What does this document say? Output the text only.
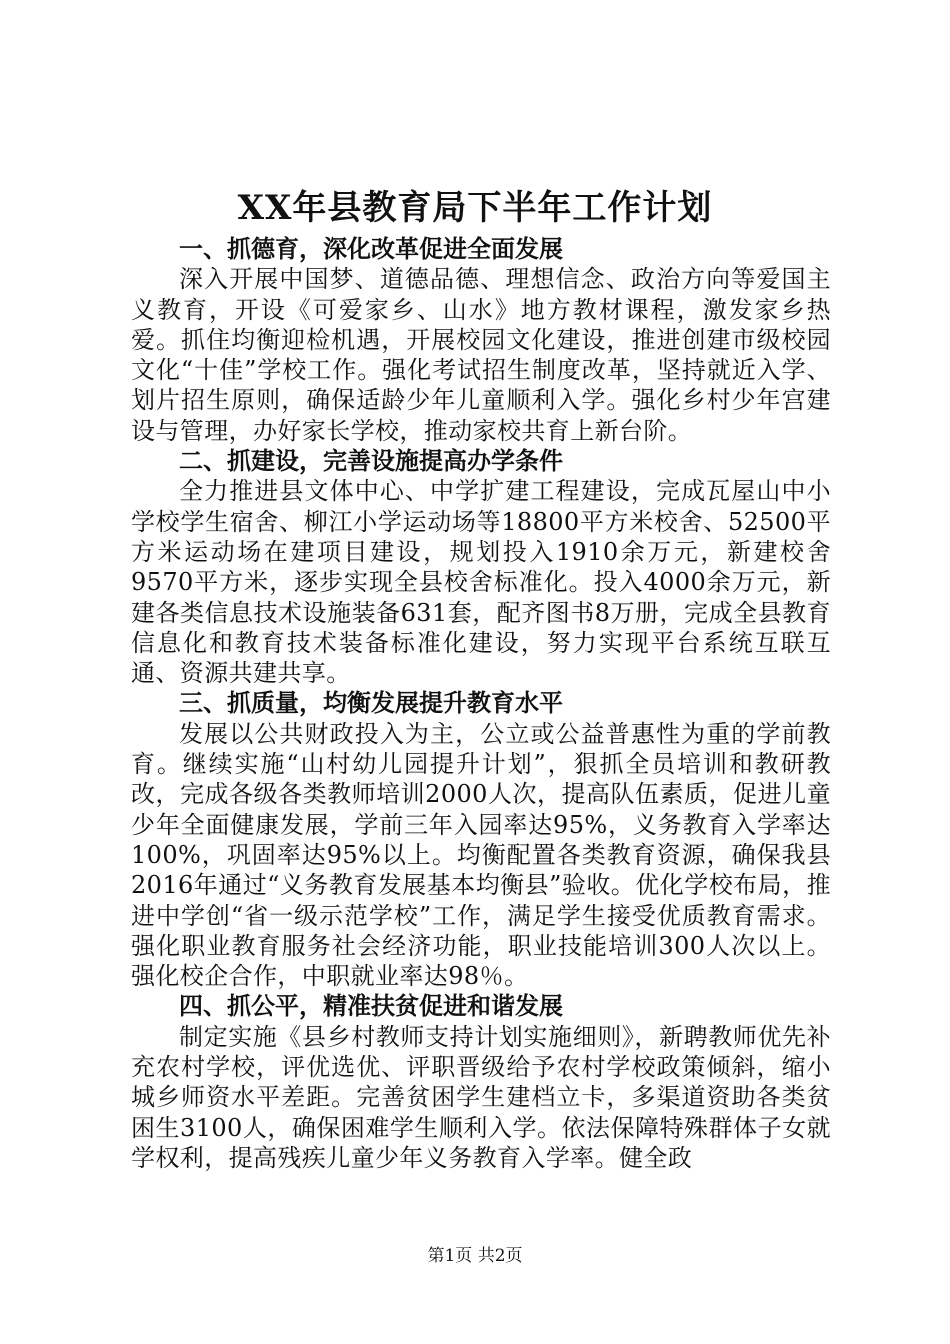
XX年县教育局下半年工作计划

一、抓德育，深化改革促进全面发展

深入开展中国梦、道德品德、理想信念、政治方向等爱国主义教育，开设《可爱家乡、山水》地方教材课程，激发家乡热爱。抓住均衡迎检机遇，开展校园文化建设，推进创建市级校园文化“十佳”学校工作。强化考试招生制度改革，坚持就近入学、划片招生原则，确保适龄少年儿童顺利入学。强化乡村少年宫建设与管理，办好家长学校，推动家校共育上新台阶。

二、抓建设，完善设施提高办学条件

全力推进县文体中心、中学扩建工程建设，完成瓦屋山中小学校学生宿舍、柳江小学运动场等18800平方米校舍、52500平方米运动场在建项目建设，规划投入1910余万元，新建校舍9570平方米，逐步实现全县校舍标准化。投入4000余万元，新建各类信息技术设施装备631套，配齐图书8万册，完成全县教育信息化和教育技术装备标准化建设，努力实现平台系统互联互通、资源共建共享。

三、抓质量，均衡发展提升教育水平

发展以公共财政投入为主，公立或公益普惠性为重的学前教育。继续实施“山村幼儿园提升计划”，狠抓全员培训和教研教改，完成各级各类教师培训2000人次，提高队伍素质，促进儿童少年全面健康发展，学前三年入园率达95%，义务教育入学率达100%，巩固率达95%以上。均衡配置各类教育资源，确保我县2016年通过“义务教育发展基本均衡县”验收。优化学校布局，推进中学创“省一级示范学校”工作，满足学生接受优质教育需求。强化职业教育服务社会经济功能，职业技能培训300人次以上。强化校企合作，中职就业率达98％。

四、抓公平，精准扶贫促进和谐发展

制定实施《县乡村教师支持计划实施细则》，新聘教师优先补充农村学校，评优选优、评职晋级给予农村学校政策倾斜，缩小城乡师资水平差距。完善贫困学生建档立卡，多渠道资助各类贫困生3100人，确保困难学生顺利入学。依法保障特殊群体子女就学权利，提高残疾儿童少年义务教育入学率。健全政

第1页 共2页
